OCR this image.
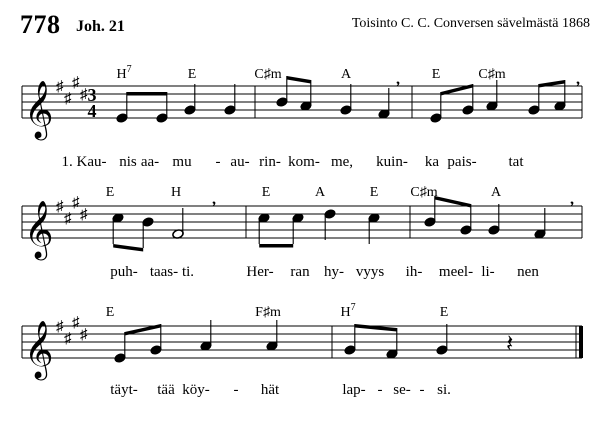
778 Joh. 21	Toisinto C. C. Conversen sävelmästä 1868
𝄞 ♯
♯
♯
♯ 3
4
𝄞 ♯
♯
♯
♯
𝄞 ♯
♯
♯
♯
,	,
,	,
𝄽
$H^7$	E	C♯m	A	E	C♯m
E	H	E	A	E C♯m	A
E	F♯m	$H^7$	E
1. Kau- nis aa- mu - au- rin- kom- me, kuin- ka pais- tat
puh- taas- ti.	Her- ran hy- vyys ih- meel- li- nen
täyt- tää köy- - hät	lap- - se- - si.
